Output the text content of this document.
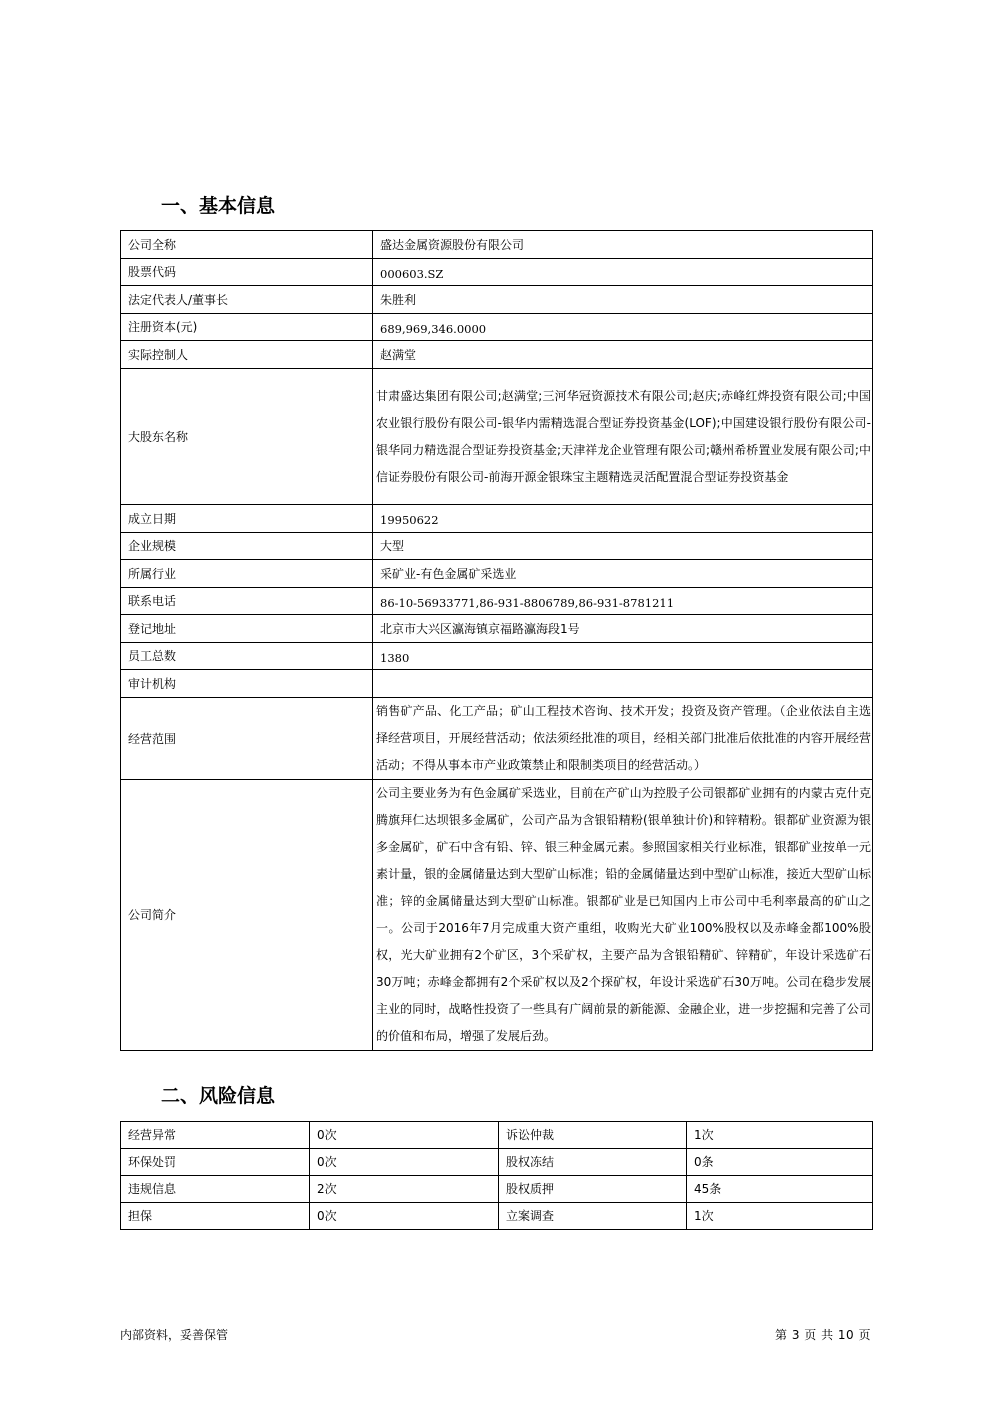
一、基本信息
公司全称	盛达金属资源股份有限公司
股票代码	000603.SZ
法定代表人/董事长	朱胜利
注册资本(元)	689,969,346.0000
实际控制人	赵满堂
大股东名称	甘肃盛达集团有限公司;赵满堂;三河华冠资源技术有限公司;赵庆;赤峰红烨投资有限公司;中国农业银行股份有限公司-银华内需精选混合型证券投资基金(LOF);中国建设银行股份有限公司-银华同力精选混合型证券投资基金;天津祥龙企业管理有限公司;赣州希桥置业发展有限公司;中信证券股份有限公司-前海开源金银珠宝主题精选灵活配置混合型证券投资基金
成立日期	19950622
企业规模	大型
所属行业	采矿业-有色金属矿采选业
联系电话	86-10-56933771,86-931-8806789,86-931-8781211
登记地址	北京市大兴区瀛海镇京福路瀛海段1号
员工总数	1380
审计机构	
经营范围	销售矿产品、化工产品；矿山工程技术咨询、技术开发；投资及资产管理。（企业依法自主选择经营项目，开展经营活动；依法须经批准的项目，经相关部门批准后依批准的内容开展经营活动；不得从事本市产业政策禁止和限制类项目的经营活动。）
公司简介	公司主要业务为有色金属矿采选业，目前在产矿山为控股子公司银都矿业拥有的内蒙古克什克腾旗拜仁达坝银多金属矿，公司产品为含银铅精粉(银单独计价)和锌精粉。银都矿业资源为银多金属矿，矿石中含有铅、锌、银三种金属元素。参照国家相关行业标准，银都矿业按单一元素计量，银的金属储量达到大型矿山标准；铅的金属储量达到中型矿山标准，接近大型矿山标准；锌的金属储量达到大型矿山标准。银都矿业是已知国内上市公司中毛利率最高的矿山之一。公司于2016年7月完成重大资产重组，收购光大矿业100%股权以及赤峰金都100%股权，光大矿业拥有2个矿区，3个采矿权，主要产品为含银铅精矿、锌精矿，年设计采选矿石30万吨；赤峰金都拥有2个采矿权以及2个探矿权，年设计采选矿石30万吨。公司在稳步发展主业的同时，战略性投资了一些具有广阔前景的新能源、金融企业，进一步挖掘和完善了公司的价值和布局，增强了发展后劲。
二、风险信息
经营异常	0次	诉讼仲裁	1次
环保处罚	0次	股权冻结	0条
违规信息	2次	股权质押	45条
担保	0次	立案调查	1次
内部资料，妥善保管	第 3 页 共 10 页
